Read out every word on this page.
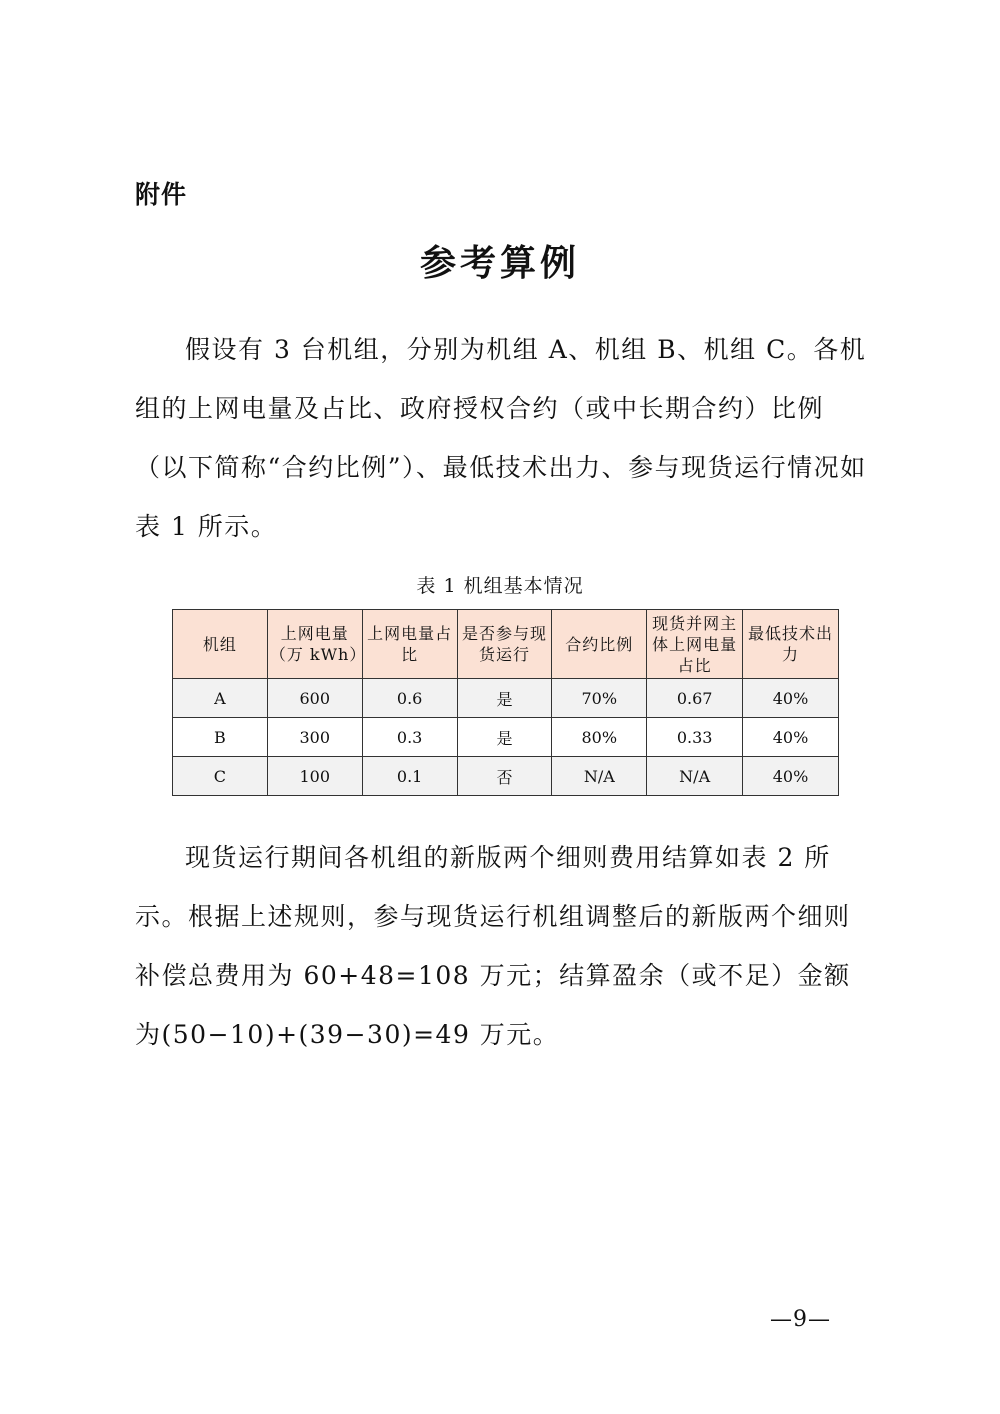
附件
参考算例

假设有 3 台机组，分别为机组 A、机组 B、机组 C。各机组的上网电量及占比、政府授权合约（或中长期合约）比例（以下简称“合约比例”）、最低技术出力、参与现货运行情况如表 1 所示。

表 1 机组基本情况
机组	上网电量（万 kWh）	上网电量占比	是否参与现货运行	合约比例	现货并网主体上网电量占比	最低技术出力
A	600	0.6	是	70%	0.67	40%
B	300	0.3	是	80%	0.33	40%
C	100	0.1	否	N/A	N/A	40%

现货运行期间各机组的新版两个细则费用结算如表 2 所示。根据上述规则，参与现货运行机组调整后的新版两个细则补偿总费用为 60+48=108 万元；结算盈余（或不足）金额为(50−10)+(39−30)=49 万元。

—9—
